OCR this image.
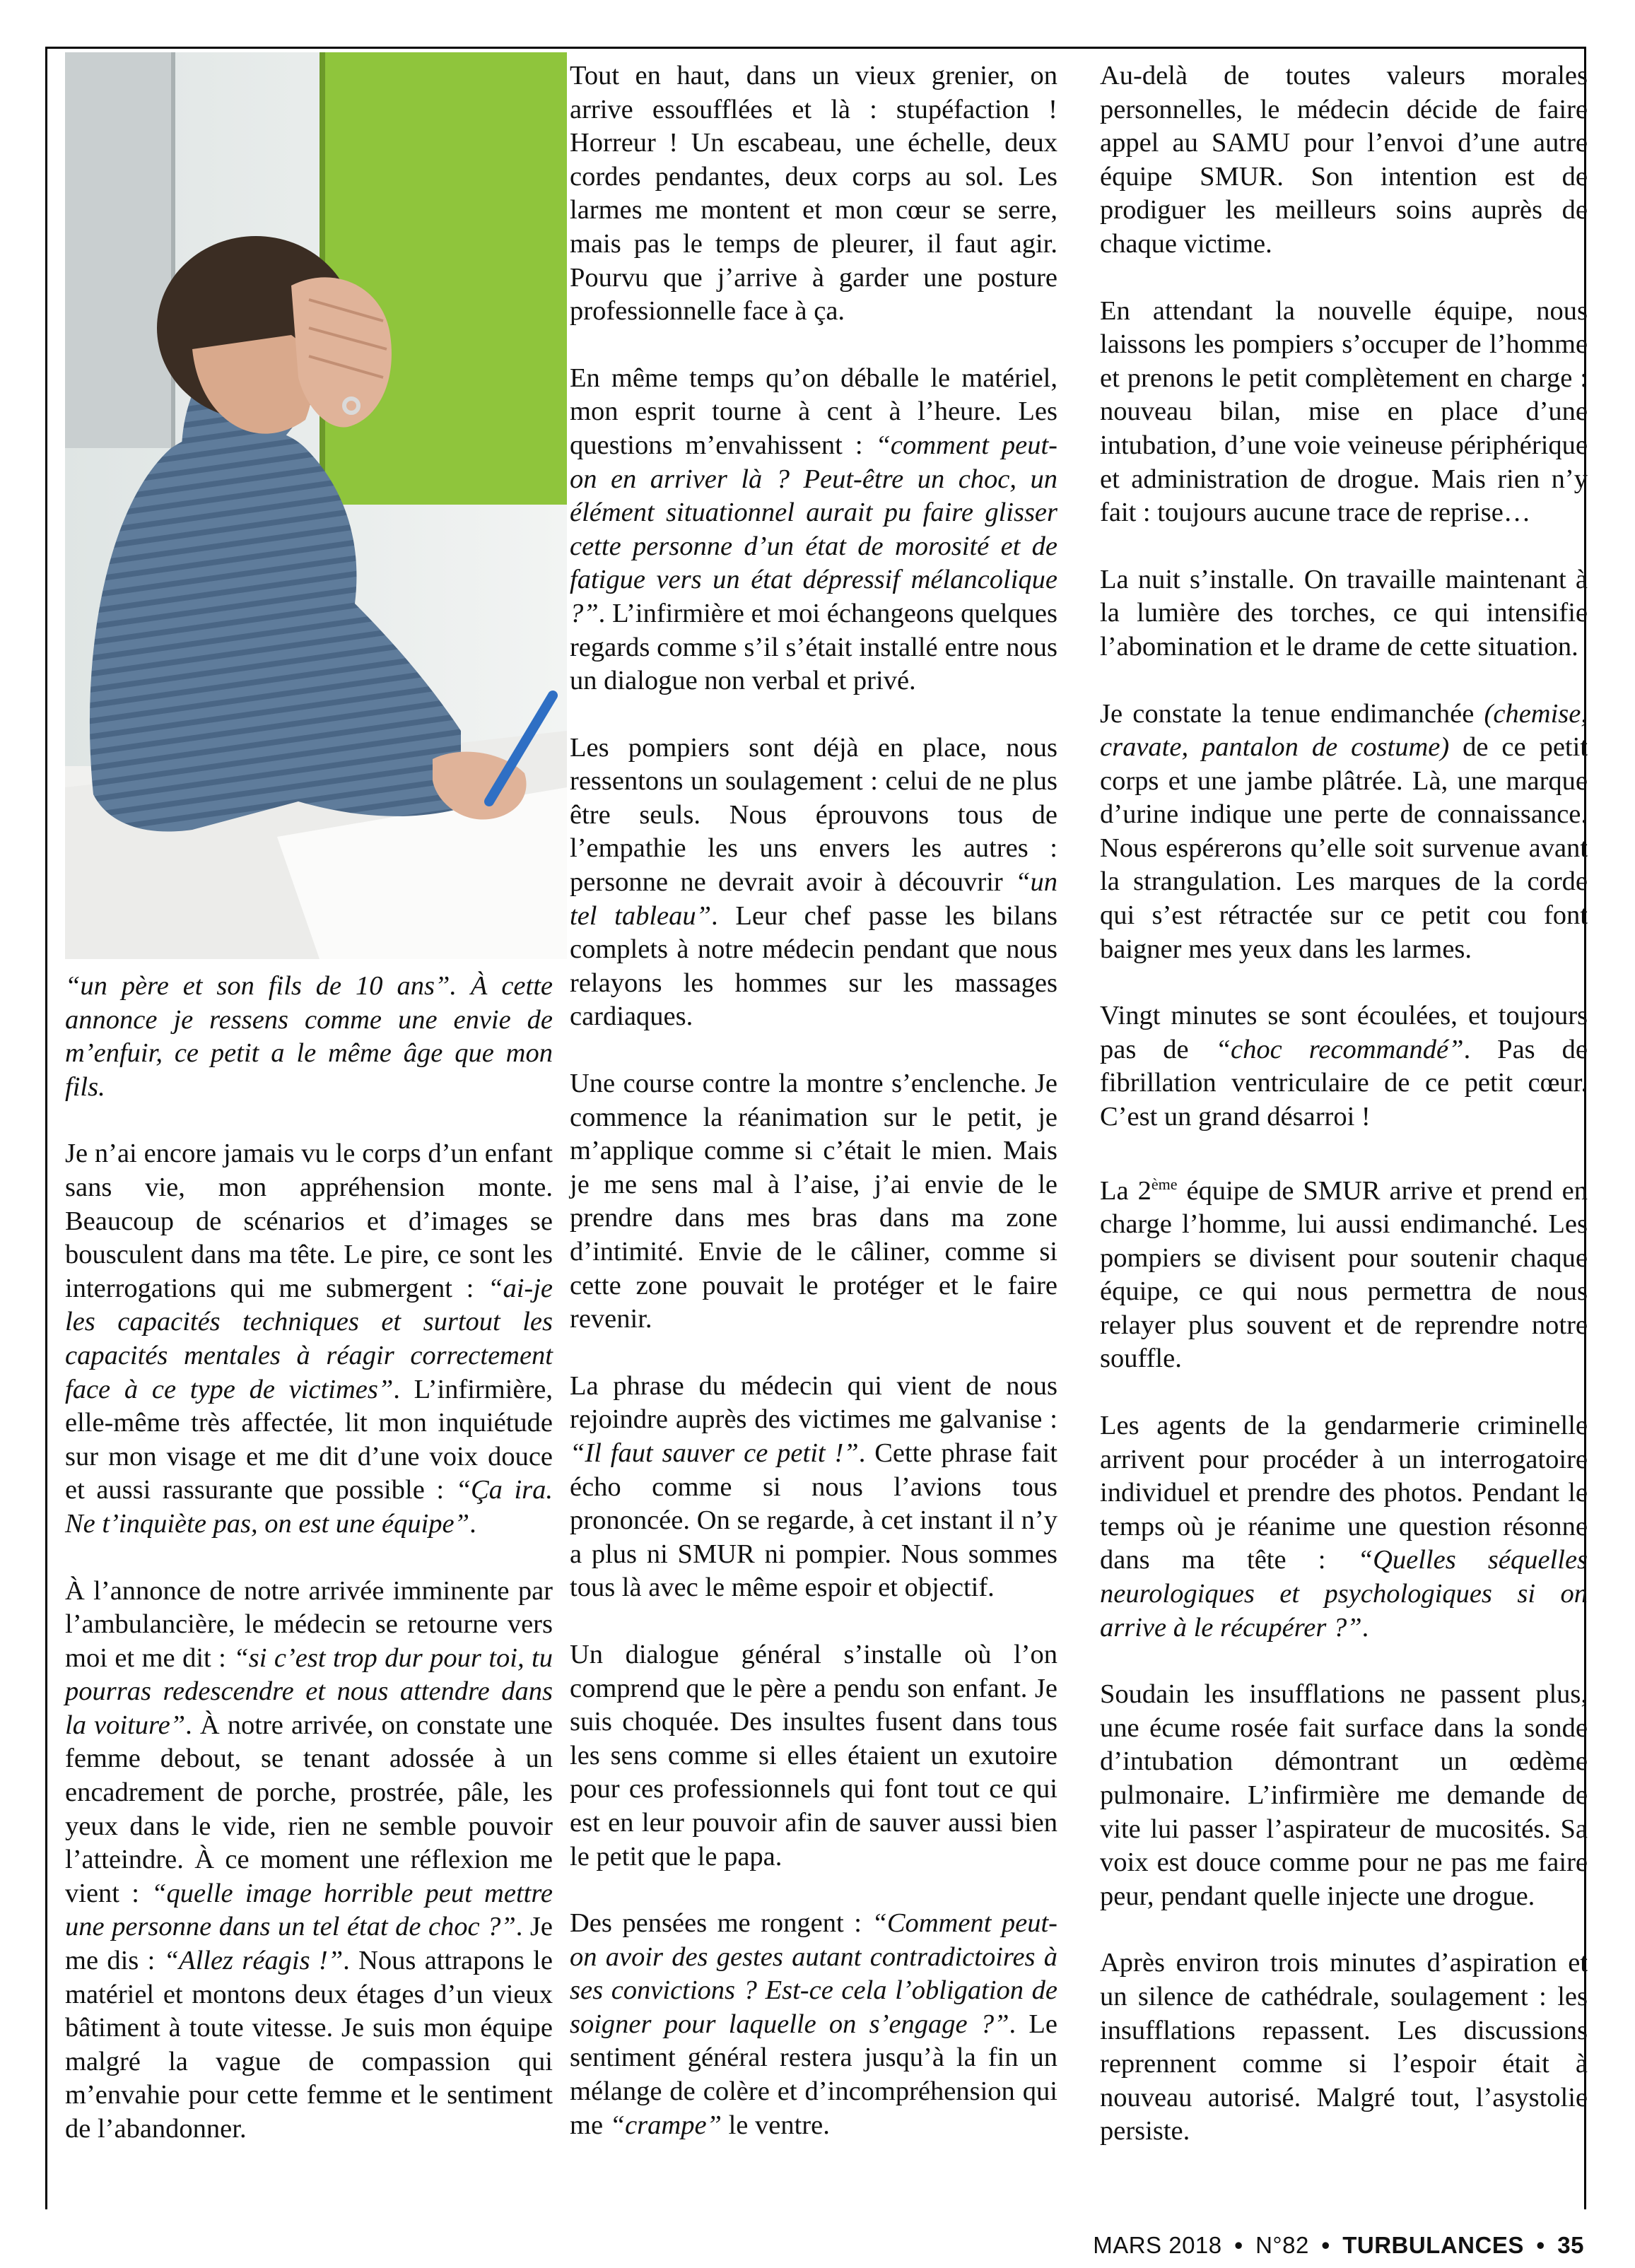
“un père et son fils de 10 ans”. À cette annonce je ressens comme une envie de m’enfuir, ce petit a le même âge que mon fils.

Je n’ai encore jamais vu le corps d’un enfant sans vie, mon appréhension monte. Beaucoup de scénarios et d’images se bousculent dans ma tête. Le pire, ce sont les interrogations qui me submergent : “ai-je les capacités techniques et surtout les capacités mentales à réagir correctement face à ce type de victimes”. L’infirmière, elle-même très affectée, lit mon inquiétude sur mon visage et me dit d’une voix douce et aussi rassurante que possible : “Ça ira. Ne t’inquiète pas, on est une équipe”.

À l’annonce de notre arrivée imminente par l’ambulancière, le médecin se retourne vers moi et me dit : “si c’est trop dur pour toi, tu pourras redescendre et nous attendre dans la voiture”. À notre arrivée, on constate une femme debout, se tenant adossée à un encadrement de porche, prostrée, pâle, les yeux dans le vide, rien ne semble pouvoir l’atteindre. À ce moment une réflexion me vient : “quelle image horrible peut mettre une personne dans un tel état de choc ?”. Je me dis : “Allez réagis !”. Nous attrapons le matériel et montons deux étages d’un vieux bâtiment à toute vitesse. Je suis mon équipe malgré la vague de compassion qui m’envahie pour cette femme et le sentiment de l’abandonner.

Tout en haut, dans un vieux grenier, on arrive essoufflées et là : stupéfaction ! Horreur ! Un escabeau, une échelle, deux cordes pendantes, deux corps au sol. Les larmes me montent et mon cœur se serre, mais pas le temps de pleurer, il faut agir. Pourvu que j’arrive à garder une posture professionnelle face à ça.

En même temps qu’on déballe le matériel, mon esprit tourne à cent à l’heure. Les questions m’envahissent : “comment peut-on en arriver là ? Peut-être un choc, un élément situationnel aurait pu faire glisser cette personne d’un état de morosité et de fatigue vers un état dépressif mélancolique ?”. L’infirmière et moi échangeons quelques regards comme s’il s’était installé entre nous un dialogue non verbal et privé.

Les pompiers sont déjà en place, nous ressentons un soulagement : celui de ne plus être seuls. Nous éprouvons tous de l’empathie les uns envers les autres : personne ne devrait avoir à découvrir “un tel tableau”. Leur chef passe les bilans complets à notre médecin pendant que nous relayons les hommes sur les massages cardiaques.

Une course contre la montre s’enclenche. Je commence la réanimation sur le petit, je m’applique comme si c’était le mien. Mais je me sens mal à l’aise, j’ai envie de le prendre dans mes bras dans ma zone d’intimité. Envie de le câliner, comme si cette zone pouvait le protéger et le faire revenir.

La phrase du médecin qui vient de nous rejoindre auprès des victimes me galvanise : “Il faut sauver ce petit !”. Cette phrase fait écho comme si nous l’avions tous prononcée. On se regarde, à cet instant il n’y a plus ni SMUR ni pompier. Nous sommes tous là avec le même espoir et objectif.

Un dialogue général s’installe où l’on comprend que le père a pendu son enfant. Je suis choquée. Des insultes fusent dans tous les sens comme si elles étaient un exutoire pour ces professionnels qui font tout ce qui est en leur pouvoir afin de sauver aussi bien le petit que le papa.

Des pensées me rongent : “Comment peut-on avoir des gestes autant contradictoires à ses convictions ? Est-ce cela l’obligation de soigner pour laquelle on s’engage ?”. Le sentiment général restera jusqu’à la fin un mélange de colère et d’incompréhension qui me “crampe” le ventre.

Au-delà de toutes valeurs morales personnelles, le médecin décide de faire appel au SAMU pour l’envoi d’une autre équipe SMUR. Son intention est de prodiguer les meilleurs soins auprès de chaque victime.

En attendant la nouvelle équipe, nous laissons les pompiers s’occuper de l’homme et prenons le petit complètement en charge : nouveau bilan, mise en place d’une intubation, d’une voie veineuse périphérique et administration de drogue. Mais rien n’y fait : toujours aucune trace de reprise…

La nuit s’installe. On travaille maintenant à la lumière des torches, ce qui intensifie l’abomination et le drame de cette situation.

Je constate la tenue endimanchée (chemise, cravate, pantalon de costume) de ce petit corps et une jambe plâtrée. Là, une marque d’urine indique une perte de connaissance. Nous espérerons qu’elle soit survenue avant la strangulation. Les marques de la corde qui s’est rétractée sur ce petit cou font baigner mes yeux dans les larmes.

Vingt minutes se sont écoulées, et toujours pas de “choc recommandé”. Pas de fibrillation ventriculaire de ce petit cœur. C’est un grand désarroi !

La 2ème équipe de SMUR arrive et prend en charge l’homme, lui aussi endimanché. Les pompiers se divisent pour soutenir chaque équipe, ce qui nous permettra de nous relayer plus souvent et de reprendre notre souffle.

Les agents de la gendarmerie criminelle arrivent pour procéder à un interrogatoire individuel et prendre des photos. Pendant le temps où je réanime une question résonne dans ma tête : “Quelles séquelles neurologiques et psychologiques si on arrive à le récupérer ?”.

Soudain les insufflations ne passent plus, une écume rosée fait surface dans la sonde d’intubation démontrant un œdème pulmonaire. L’infirmière me demande de vite lui passer l’aspirateur de mucosités. Sa voix est douce comme pour ne pas me faire peur, pendant quelle injecte une drogue.

Après environ trois minutes d’aspiration et un silence de cathédrale, soulagement : les insufflations repassent. Les discussions reprennent comme si l’espoir était à nouveau autorisé. Malgré tout, l’asystolie persiste.

MARS 2018 • N°82 • TURBULANCES • 35
